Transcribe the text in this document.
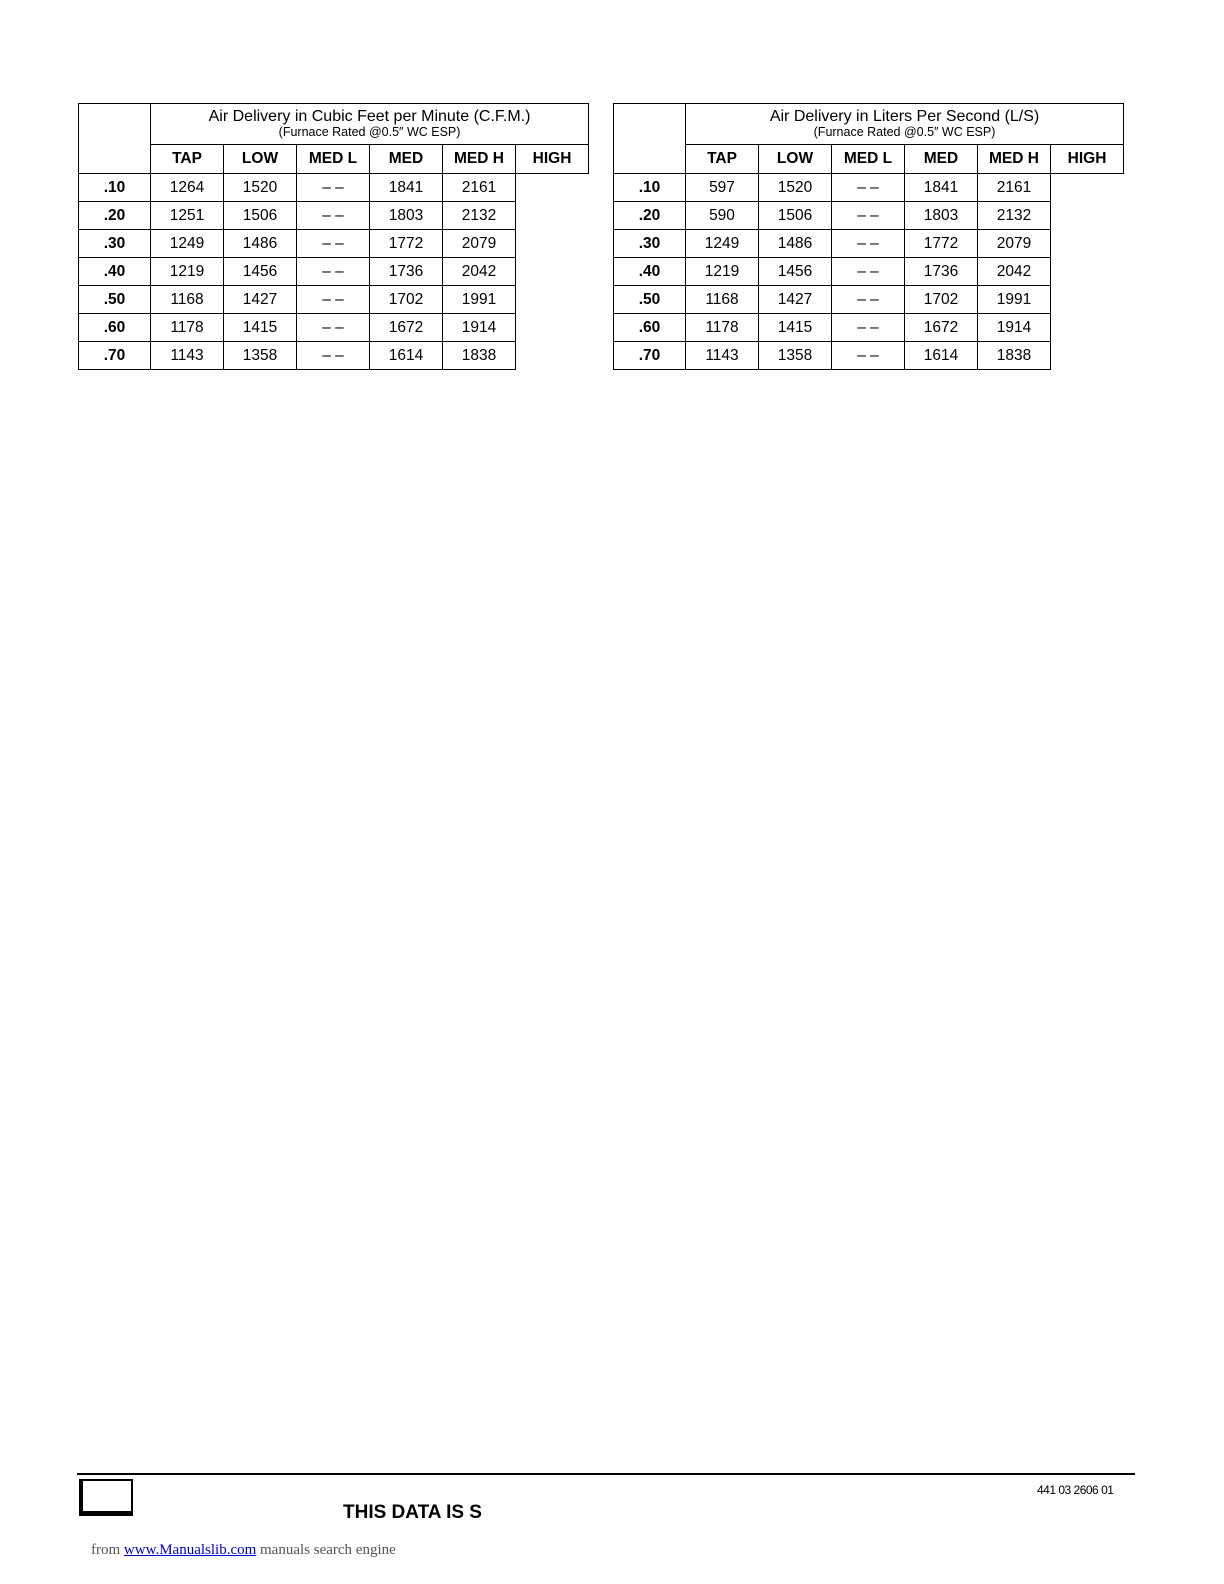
	Air Delivery in Cubic Feet per Minute (C.F.M.)
(Furnace Rated @0.5″ WC ESP)					

	TAP	LOW	MED L	MED	MED H	HIGH
.10	1264	1520	– –	1841	2161	
.20	1251	1506	– –	1803	2132	
.30	1249	1486	– –	1772	2079	
.40	1219	1456	– –	1736	2042	
.50	1168	1427	– –	1702	1991	
.60	1178	1415	– –	1672	1914	
.70	1143	1358	– –	1614	1838	

	Air Delivery in Liters Per Second (L/S)
(Furnace Rated @0.5″ WC ESP)					

	TAP	LOW	MED L	MED	MED H	HIGH
.10	597	1520	– –	1841	2161	
.20	590	1506	– –	1803	2132	
.30	1249	1486	– –	1772	2079	
.40	1219	1456	– –	1736	2042	
.50	1168	1427	– –	1702	1991	
.60	1178	1415	– –	1672	1914	
.70	1143	1358	– –	1614	1838	
441 03 2606 01
THIS DATA IS S
from www.Manualslib.com manuals search engine
